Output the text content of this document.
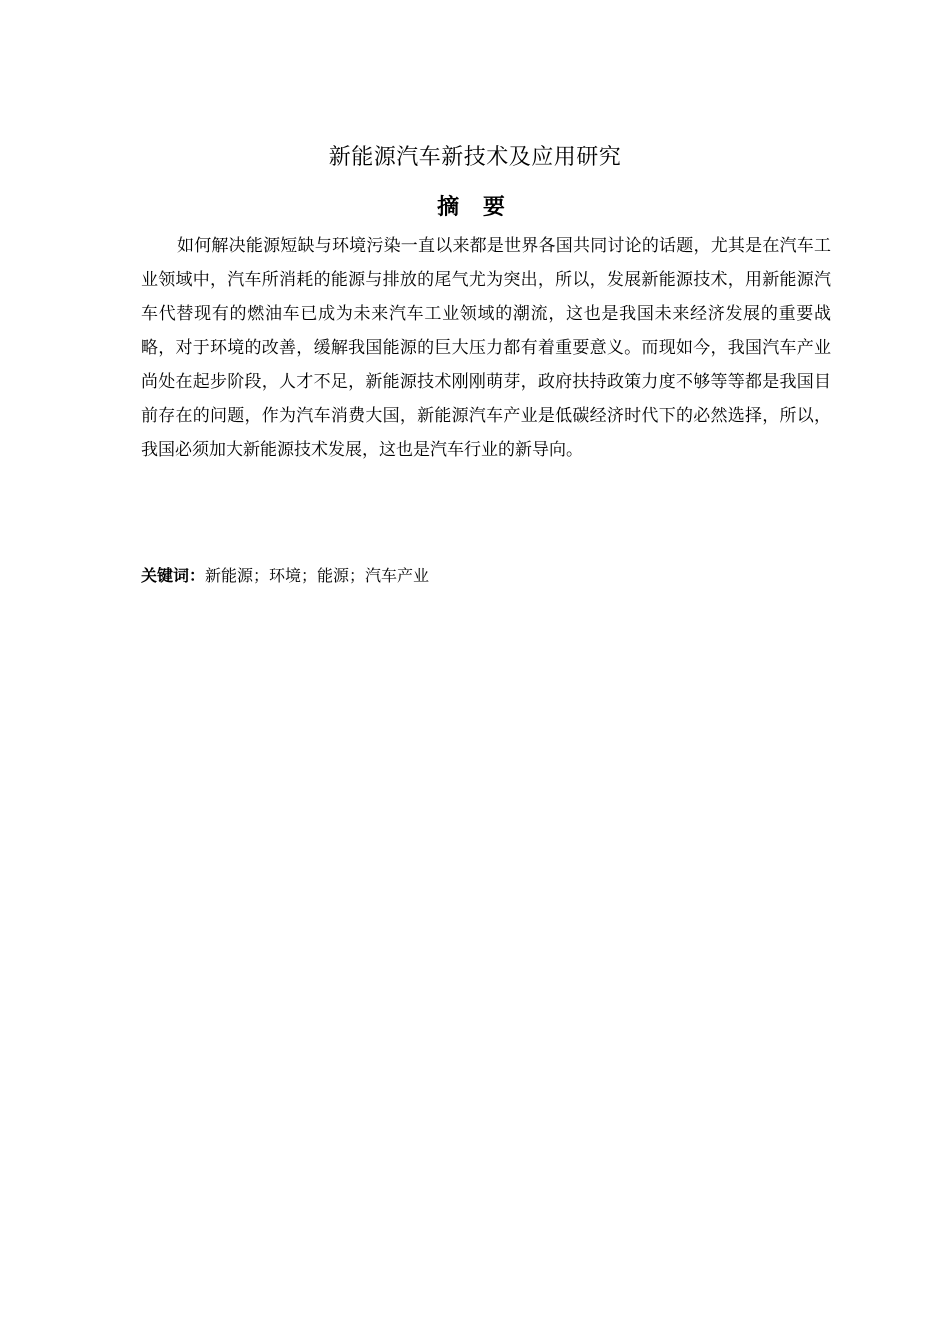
新能源汽车新技术及应用研究
摘 要

如何解决能源短缺与环境污染一直以来都是世界各国共同讨论的话题，尤其是在汽车工业领域中，汽车所消耗的能源与排放的尾气尤为突出，所以，发展新能源技术，用新能源汽车代替现有的燃油车已成为未来汽车工业领域的潮流，这也是我国未来经济发展的重要战略，对于环境的改善，缓解我国能源的巨大压力都有着重要意义。而现如今，我国汽车产业尚处在起步阶段，人才不足，新能源技术刚刚萌芽，政府扶持政策力度不够等等都是我国目前存在的问题，作为汽车消费大国，新能源汽车产业是低碳经济时代下的必然选择，所以，我国必须加大新能源技术发展，这也是汽车行业的新导向。

关键词：新能源；环境；能源；汽车产业
